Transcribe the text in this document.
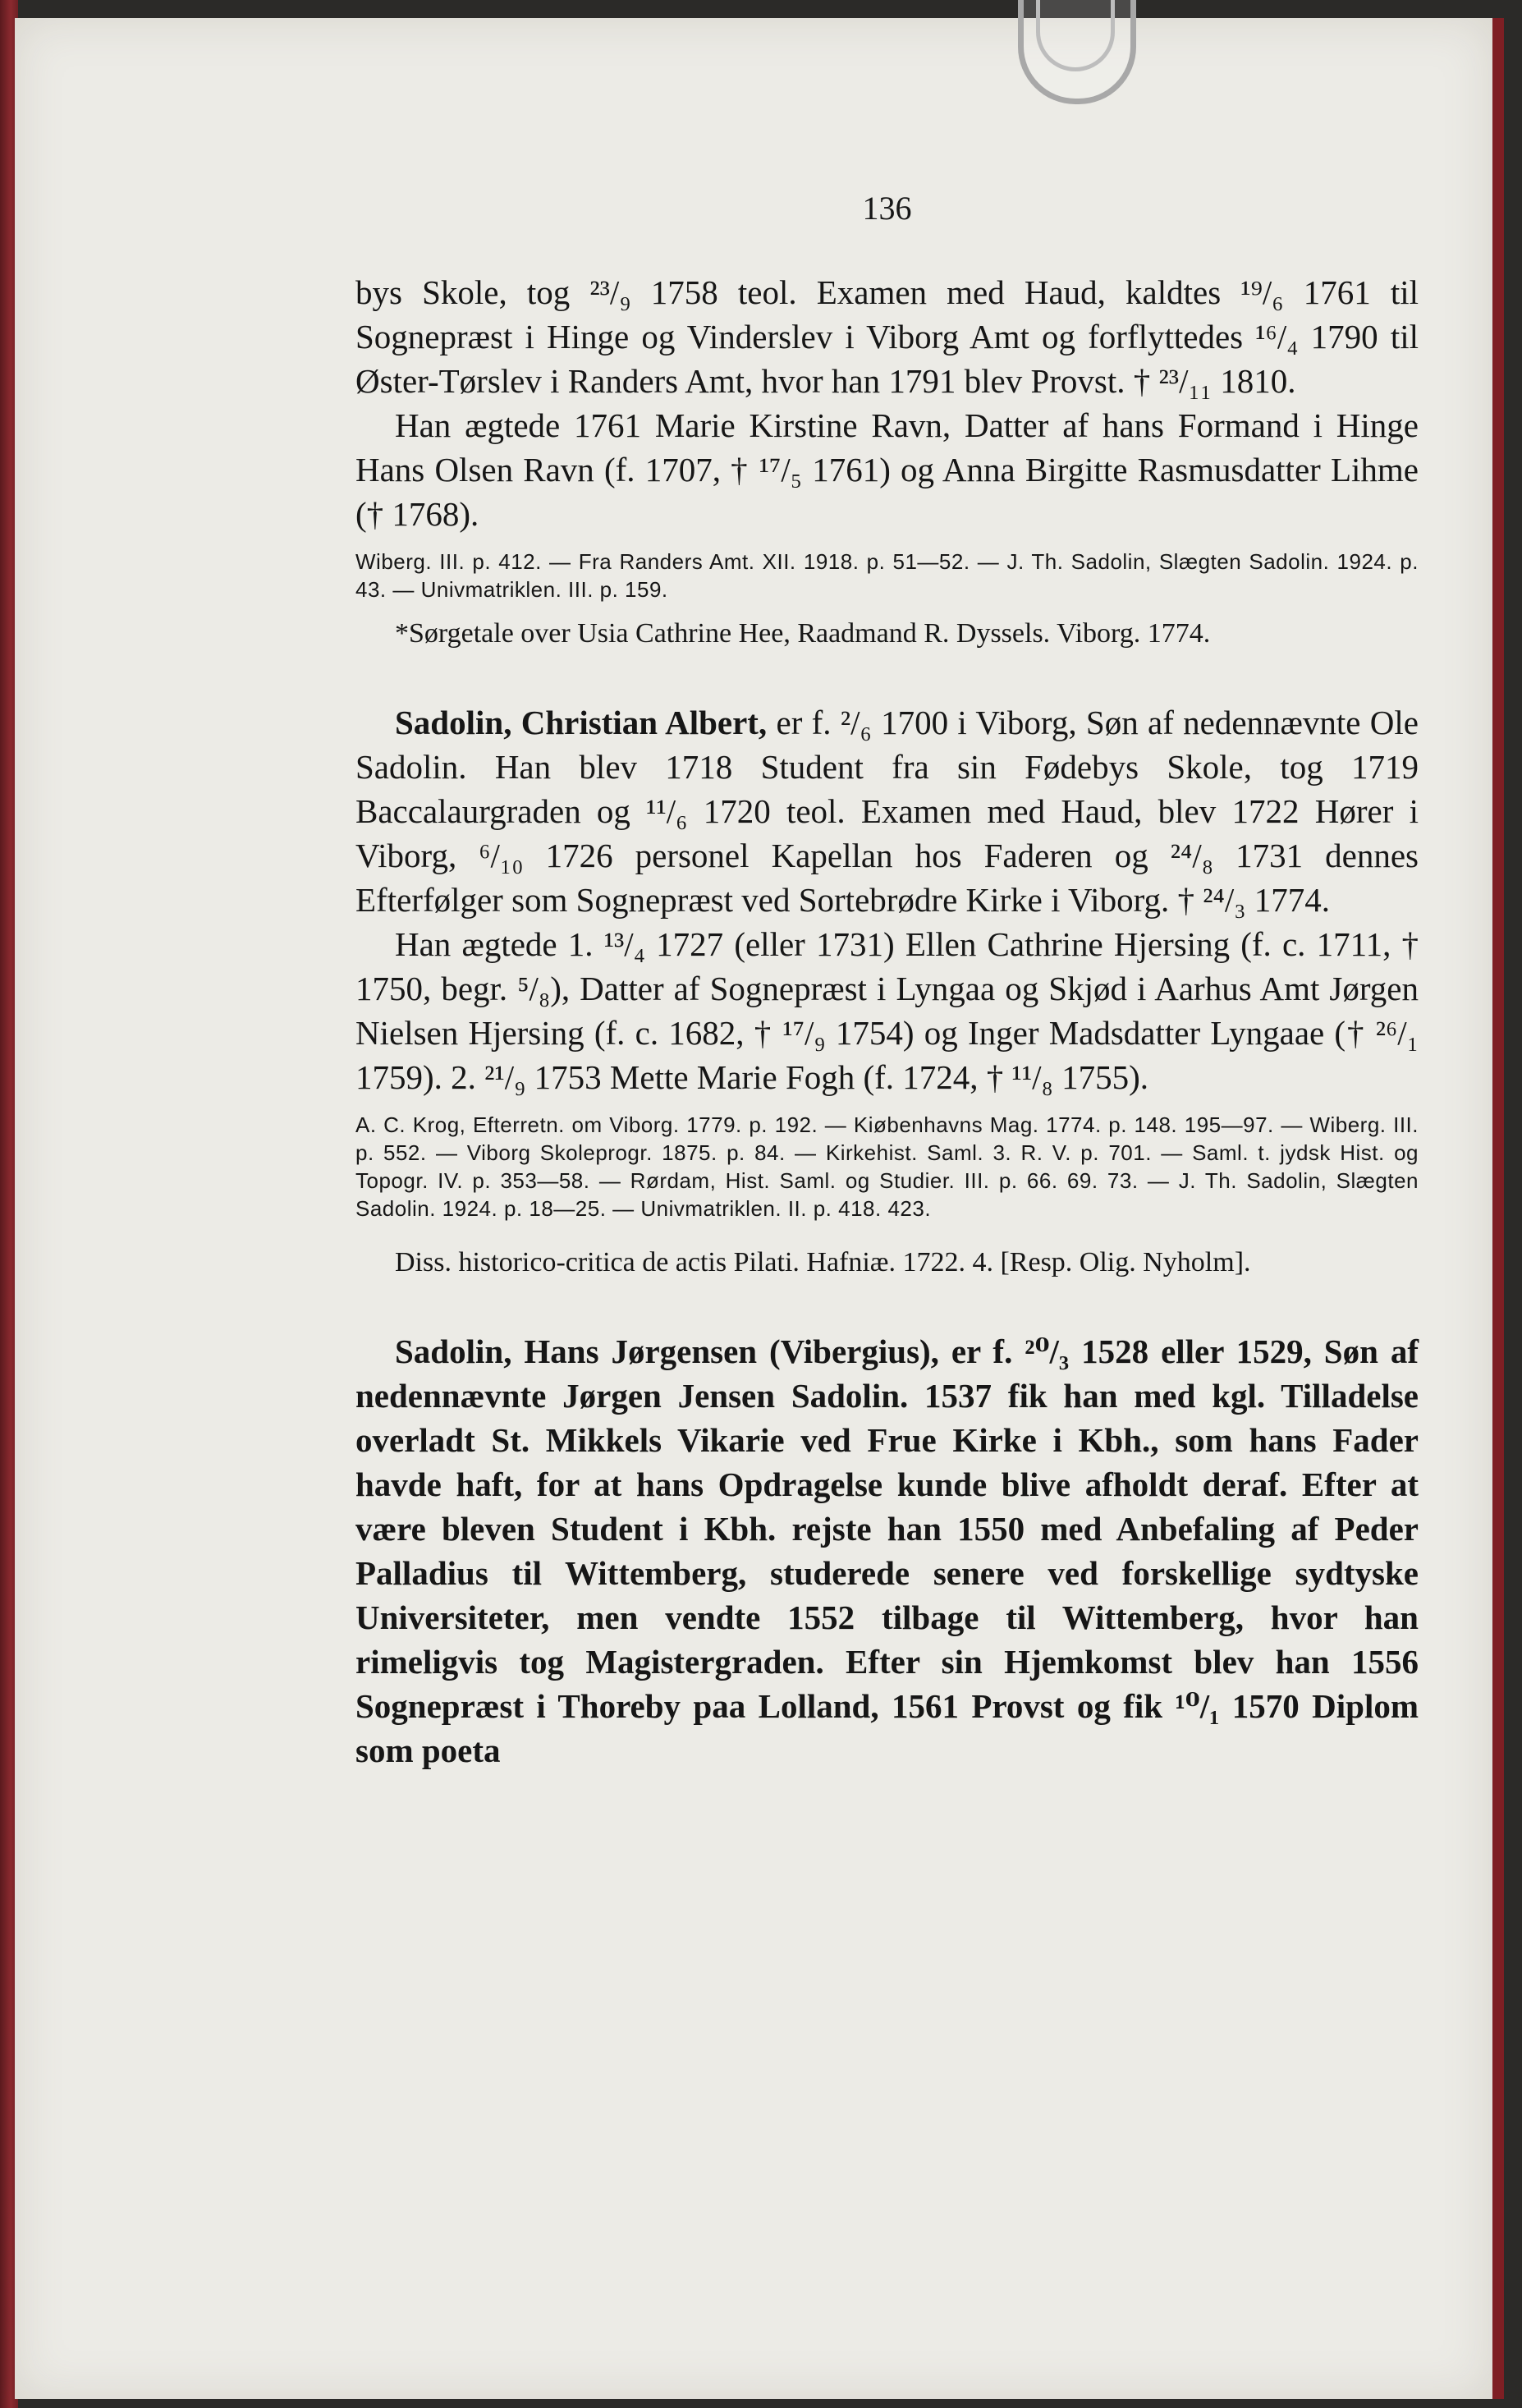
136

bys Skole, tog ²³/₉ 1758 teol. Examen med Haud, kaldtes ¹⁹/₆ 1761 til Sognepræst i Hinge og Vinderslev i Viborg Amt og forflyttedes ¹⁶/₄ 1790 til Øster-Tørslev i Randers Amt, hvor han 1791 blev Provst. † ²³/₁₁ 1810.

Han ægtede 1761 Marie Kirstine Ravn, Datter af hans Formand i Hinge Hans Olsen Ravn (f. 1707, † ¹⁷/₅ 1761) og Anna Birgitte Rasmusdatter Lihme († 1768).

Wiberg. III. p. 412. — Fra Randers Amt. XII. 1918. p. 51—52. — J. Th. Sadolin, Slægten Sadolin. 1924. p. 43. — Univmatriklen. III. p. 159.

*Sørgetale over Usia Cathrine Hee, Raadmand R. Dyssels. Viborg. 1774.

Sadolin, Christian Albert, er f. ²/₆ 1700 i Viborg, Søn af nedennævnte Ole Sadolin. Han blev 1718 Student fra sin Fødebys Skole, tog 1719 Baccalaurgraden og ¹¹/₆ 1720 teol. Examen med Haud, blev 1722 Hører i Viborg, ⁶/₁₀ 1726 personel Kapellan hos Faderen og ²⁴/₈ 1731 dennes Efterfølger som Sognepræst ved Sortebrødre Kirke i Viborg. † ²⁴/₃ 1774.

Han ægtede 1. ¹³/₄ 1727 (eller 1731) Ellen Cathrine Hjersing (f. c. 1711, † 1750, begr. ⁵/₈), Datter af Sognepræst i Lyngaa og Skjød i Aarhus Amt Jørgen Nielsen Hjersing (f. c. 1682, † ¹⁷/₉ 1754) og Inger Madsdatter Lyngaae († ²⁶/₁ 1759). 2. ²¹/₉ 1753 Mette Marie Fogh (f. 1724, † ¹¹/₈ 1755).

A. C. Krog, Efterretn. om Viborg. 1779. p. 192. — Kiøbenhavns Mag. 1774. p. 148. 195—97. — Wiberg. III. p. 552. — Viborg Skoleprogr. 1875. p. 84. — Kirkehist. Saml. 3. R. V. p. 701. — Saml. t. jydsk Hist. og Topogr. IV. p. 353—58. — Rørdam, Hist. Saml. og Studier. III. p. 66. 69. 73. — J. Th. Sadolin, Slægten Sadolin. 1924. p. 18—25. — Univmatriklen. II. p. 418. 423.

Diss. historico-critica de actis Pilati. Hafniæ. 1722. 4. [Resp. Olig. Nyholm].

Sadolin, Hans Jørgensen (Vibergius), er f. ²⁰/₃ 1528 eller 1529, Søn af nedennævnte Jørgen Jensen Sadolin. 1537 fik han med kgl. Tilladelse overladt St. Mikkels Vikarie ved Frue Kirke i Kbh., som hans Fader havde haft, for at hans Opdragelse kunde blive afholdt deraf. Efter at være bleven Student i Kbh. rejste han 1550 med Anbefaling af Peder Palladius til Wittemberg, studerede senere ved forskellige sydtyske Universiteter, men vendte 1552 tilbage til Wittemberg, hvor han rimeligvis tog Magistergraden. Efter sin Hjemkomst blev han 1556 Sognepræst i Thoreby paa Lolland, 1561 Provst og fik ¹⁰/₁ 1570 Diplom som poeta
